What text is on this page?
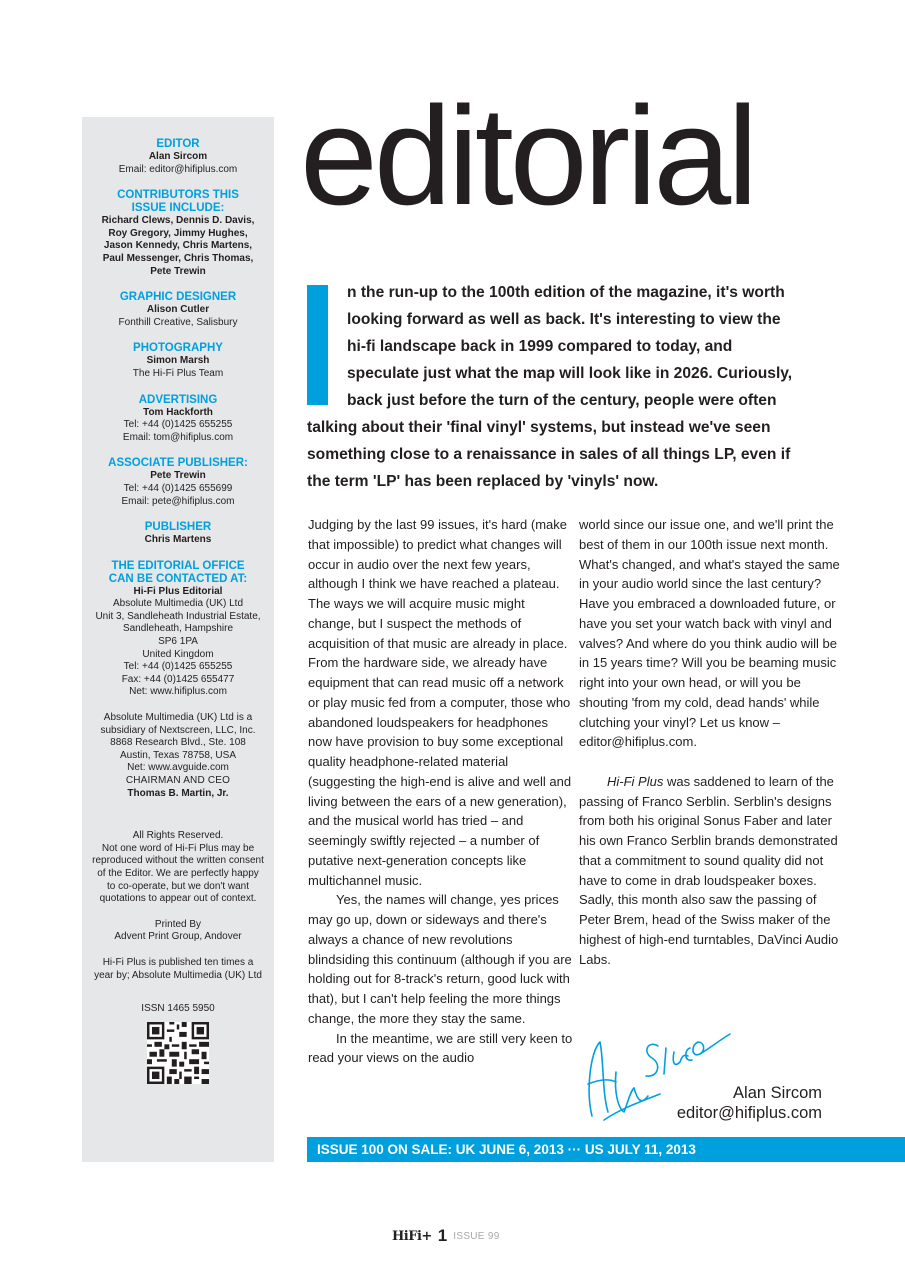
EDITOR
Alan Sircom
Email: editor@hifiplus.com
CONTRIBUTORS THIS ISSUE INCLUDE:
Richard Clews, Dennis D. Davis,
Roy Gregory, Jimmy Hughes,
Jason Kennedy, Chris Martens,
Paul Messenger, Chris Thomas,
Pete Trewin
GRAPHIC DESIGNER
Alison Cutler
Fonthill Creative, Salisbury
PHOTOGRAPHY
Simon Marsh
The Hi-Fi Plus Team
ADVERTISING
Tom Hackforth
Tel: +44 (0)1425 655255
Email: tom@hifiplus.com
ASSOCIATE PUBLISHER:
Pete Trewin
Tel: +44 (0)1425 655699
Email: pete@hifiplus.com
PUBLISHER
Chris Martens
THE EDITORIAL OFFICE CAN BE CONTACTED AT:
Hi-Fi Plus Editorial
Absolute Multimedia (UK) Ltd
Unit 3, Sandleheath Industrial Estate,
Sandleheath, Hampshire
SP6 1PA
United Kingdom
Tel: +44 (0)1425 655255
Fax: +44 (0)1425 655477
Net: www.hifiplus.com
Absolute Multimedia (UK) Ltd is a
subsidiary of Nextscreen, LLC, Inc.
8868 Research Blvd., Ste. 108
Austin, Texas 78758, USA
Net: www.avguide.com
CHAIRMAN AND CEO
Thomas B. Martin, Jr.
All Rights Reserved.
Not one word of Hi-Fi Plus may be
reproduced without the written consent
of the Editor. We are perfectly happy
to co-operate, but we don't want
quotations to appear out of context.
Printed By
Advent Print Group, Andover
Hi-Fi Plus is published ten times a
year by; Absolute Multimedia (UK) Ltd
ISSN 1465 5950
editorial
n the run-up to the 100th edition of the magazine, it's worth
looking forward as well as back. It's interesting to view the
hi-fi landscape back in 1999 compared to today, and
speculate just what the map will look like in 2026. Curiously,
back just before the turn of the century, people were often
talking about their 'final vinyl' systems, but instead we've seen
something close to a renaissance in sales of all things LP, even if
the term 'LP' has been replaced by 'vinyls' now.

Judging by the last 99 issues, it's hard (make that impossible) to predict what changes will occur in audio over the next few years, although I think we have reached a plateau. The ways we will acquire music might change, but I suspect the methods of acquisition of that music are already in place. From the hardware side, we already have equipment that can read music off a network or play music fed from a computer, those who abandoned loudspeakers for headphones now have provision to buy some exceptional quality headphone-related material (suggesting the high-end is alive and well and living between the ears of a new generation), and the musical world has tried – and seemingly swiftly rejected – a number of putative next-generation concepts like multichannel music.

Yes, the names will change, yes prices may go up, down or sideways and there's always a chance of new revolutions blindsiding this continuum (although if you are holding out for 8-track's return, good luck with that), but I can't help feeling the more things change, the more they stay the same.

In the meantime, we are still very keen to read your views on the audio

world since our issue one, and we'll print the best of them in our 100th issue next month. What's changed, and what's stayed the same in your audio world since the last century? Have you embraced a downloaded future, or have you set your watch back with vinyl and valves? And where do you think audio will be in 15 years time? Will you be beaming music right into your own head, or will you be shouting 'from my cold, dead hands' while clutching your vinyl? Let us know – editor@hifiplus.com.

Hi-Fi Plus was saddened to learn of the passing of Franco Serblin. Serblin's designs from both his original Sonus Faber and later his own Franco Serblin brands demonstrated that a commitment to sound quality did not have to come in drab loudspeaker boxes. Sadly, this month also saw the passing of Peter Brem, head of the Swiss maker of the highest of high-end turntables, DaVinci Audio Labs.

Alan Sircom
editor@hifiplus.com
ISSUE 100 ON SALE: UK JUNE 6, 2013 ··· US JULY 11, 2013
HiFi+ 1 ISSUE 99
